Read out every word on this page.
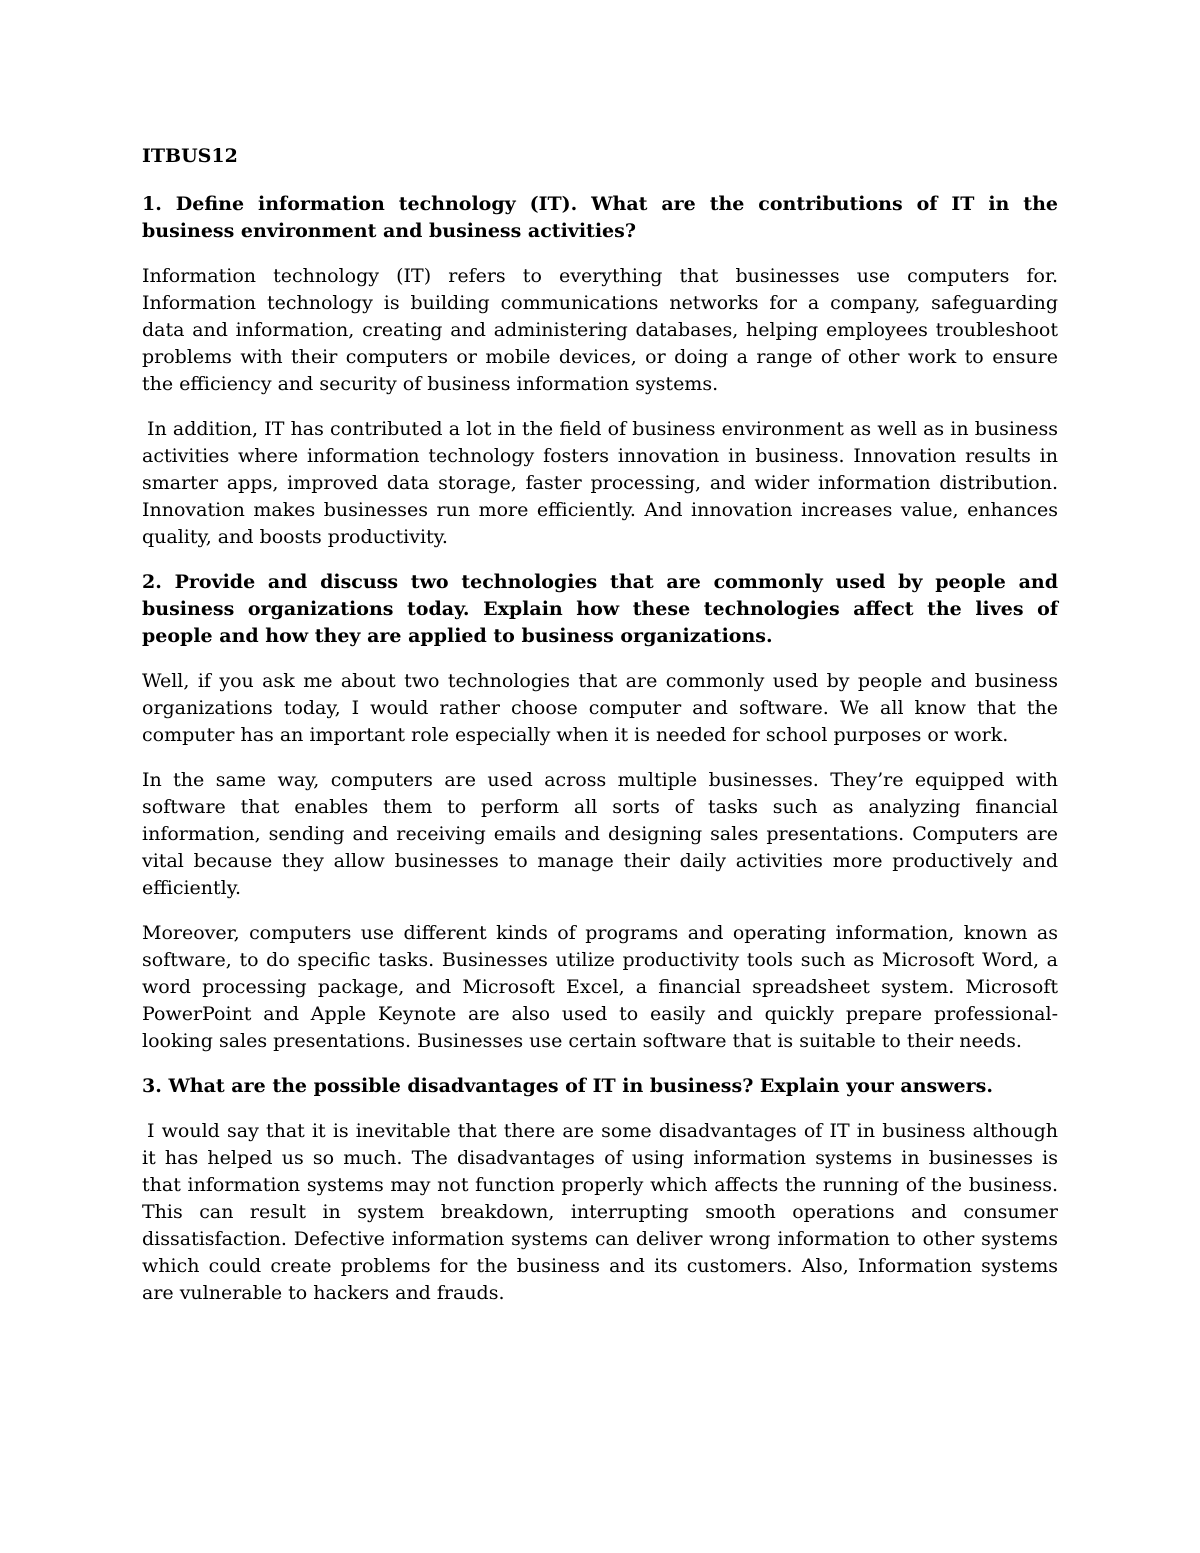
ITBUS12

1. Define information technology (IT). What are the contributions of IT in the business environment and business activities?

Information technology (IT) refers to everything that businesses use computers for. Information technology is building communications networks for a company, safeguarding data and information, creating and administering databases, helping employees troubleshoot problems with their computers or mobile devices, or doing a range of other work to ensure the efficiency and security of business information systems.

In addition, IT has contributed a lot in the field of business environment as well as in business activities where information technology fosters innovation in business. Innovation results in smarter apps, improved data storage, faster processing, and wider information distribution. Innovation makes businesses run more efficiently. And innovation increases value, enhances quality, and boosts productivity.

2. Provide and discuss two technologies that are commonly used by people and business organizations today. Explain how these technologies affect the lives of people and how they are applied to business organizations.

Well, if you ask me about two technologies that are commonly used by people and business organizations today, I would rather choose computer and software. We all know that the computer has an important role especially when it is needed for school purposes or work.

In the same way, computers are used across multiple businesses. They’re equipped with software that enables them to perform all sorts of tasks such as analyzing financial information, sending and receiving emails and designing sales presentations. Computers are vital because they allow businesses to manage their daily activities more productively and efficiently.

Moreover, computers use different kinds of programs and operating information, known as software, to do specific tasks. Businesses utilize productivity tools such as Microsoft Word, a word processing package, and Microsoft Excel, a financial spreadsheet system. Microsoft PowerPoint and Apple Keynote are also used to easily and quickly prepare professional-looking sales presentations. Businesses use certain software that is suitable to their needs.

3. What are the possible disadvantages of IT in business? Explain your answers.

I would say that it is inevitable that there are some disadvantages of IT in business although it has helped us so much. The disadvantages of using information systems in businesses is that information systems may not function properly which affects the running of the business. This can result in system breakdown, interrupting smooth operations and consumer dissatisfaction. Defective information systems can deliver wrong information to other systems which could create problems for the business and its customers. Also, Information systems are vulnerable to hackers and frauds.
